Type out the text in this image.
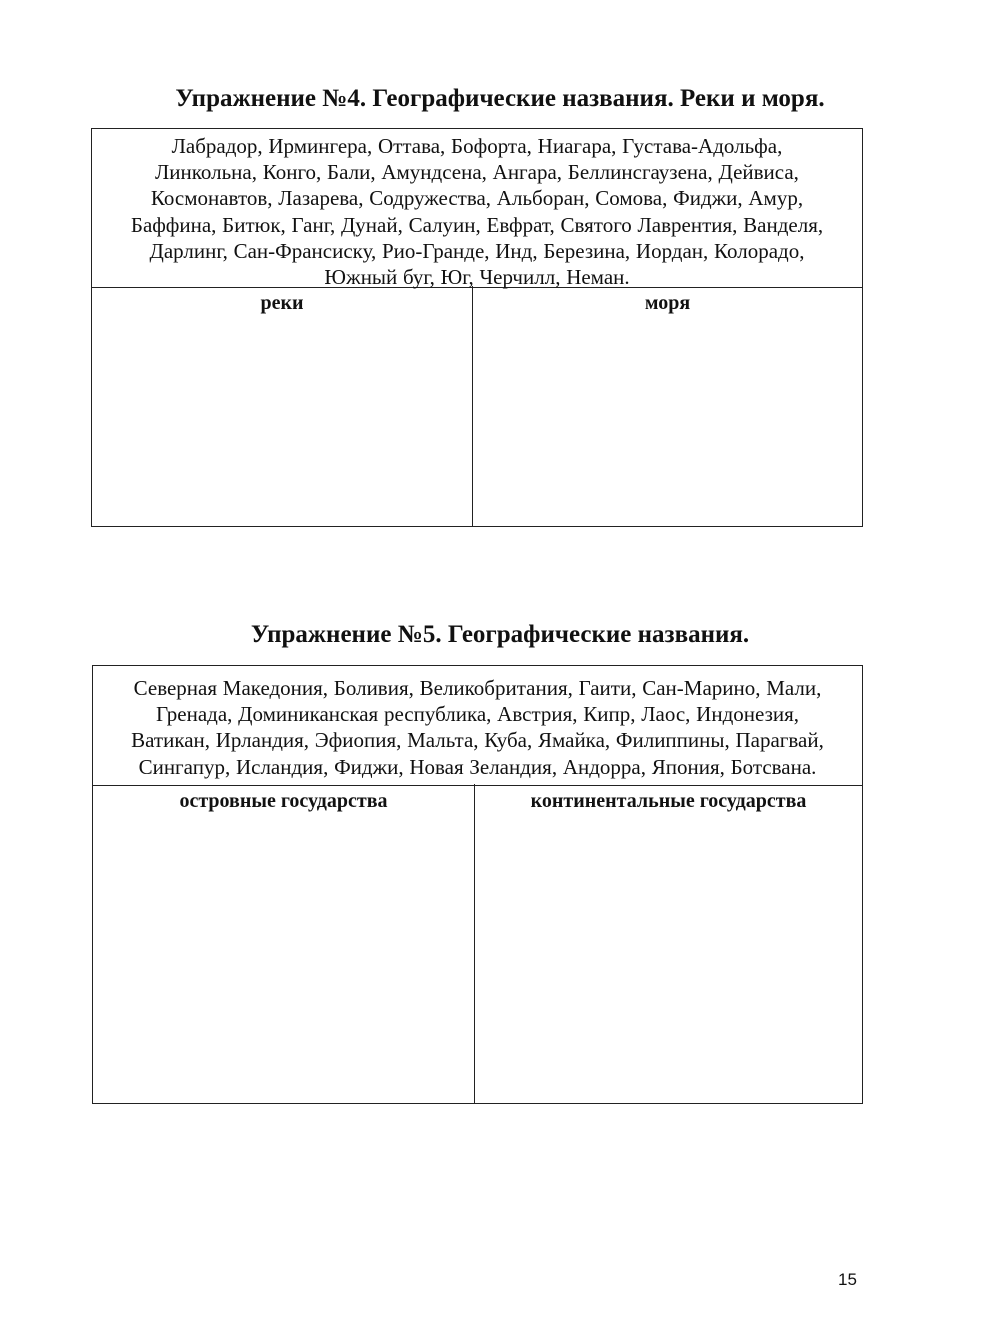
Упражнение №4. Географические названия. Реки и моря.
Лабрадор, Ирмингера, Оттава, Бофорта, Ниагара, Густава-Адольфа,
Линкольна, Конго, Бали, Амундсена, Ангара, Беллинсгаузена, Дейвиса,
Космонавтов, Лазарева, Содружества, Альборан, Сомова, Фиджи, Амур,
Баффина, Битюк, Ганг, Дунай, Салуин, Евфрат, Святого Лаврентия, Ванделя,
Дарлинг, Сан-Франсиску, Рио-Гранде, Инд, Березина, Иордан, Колорадо,
Южный буг, Юг, Черчилл, Неман.
реки	моря
Упражнение №5. Географические названия.
Северная Македония, Боливия, Великобритания, Гаити, Сан-Марино, Мали,
Гренада, Доминиканская республика, Австрия, Кипр, Лаос, Индонезия,
Ватикан, Ирландия, Эфиопия, Мальта, Куба, Ямайка, Филиппины, Парагвай,
Сингапур, Исландия, Фиджи, Новая Зеландия, Андорра, Япония, Ботсвана.
островные государства	континентальные государства
15
